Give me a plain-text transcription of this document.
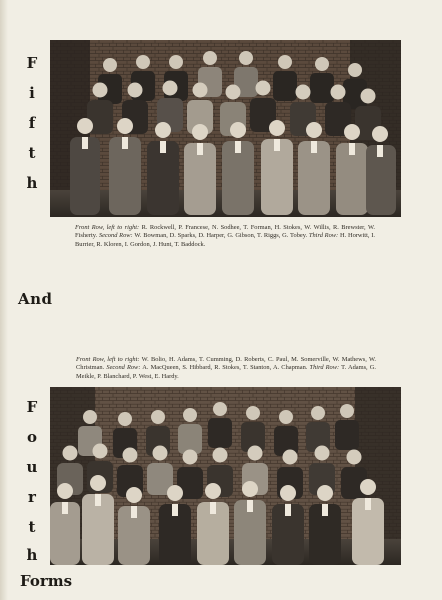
F
i
f
t
h
And
F
o
u
r
t
h
Forms
Front Row, left to right: R. Rockwell, P. Francese, N. Sodhee, T. Forman, H. Stokes, W. Willis, R. Brewster, W. Fisherty. Second Row: W. Bowman, D. Sparks, D. Harper, G. Gibson, T. Riggs, G. Tobey. Third Row: H. Horwitt, I. Burrier, R. Kloren, I. Gordon, J. Hunt, T. Baddock.
Front Row, left to right: W. Bolio, H. Adams, T. Cumming, D. Roberts, C. Paul, M. Somerville, W. Mathews, W. Christman. Second Row: A. MacQueen, S. Hibbard, R. Stokes, T. Stanton, A. Chapman. Third Row: T. Adams, G. Meikle, P. Blanchard, P. West, E. Hardy.
